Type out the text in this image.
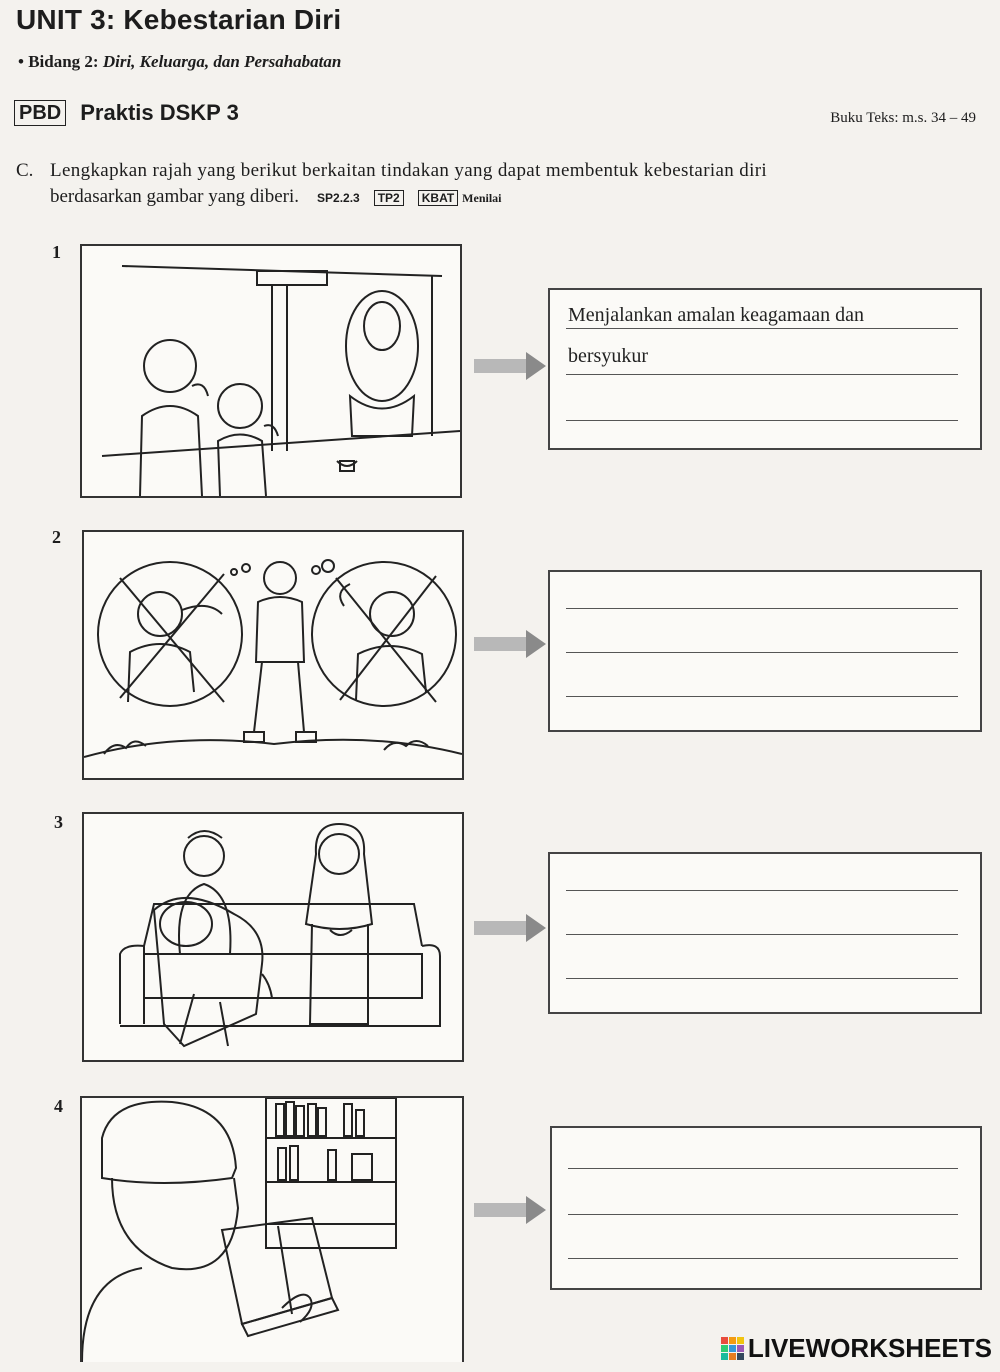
UNIT 3: Kebestarian Diri
• Bidang 2: Diri, Keluarga, dan Persahabatan
PBD Praktis DSKP 3	Buku Teks: m.s. 34 – 49
C. Lengkapkan rajah yang berikut berkaitan tindakan yang dapat membentuk kebestarian diri
berdasarkan gambar yang diberi. SP2.2.3 TP2 KBAT Menilai
1
Menjalankan amalan keagamaan dan
bersyukur
2
3
4
LIVEWORKSHEETS
